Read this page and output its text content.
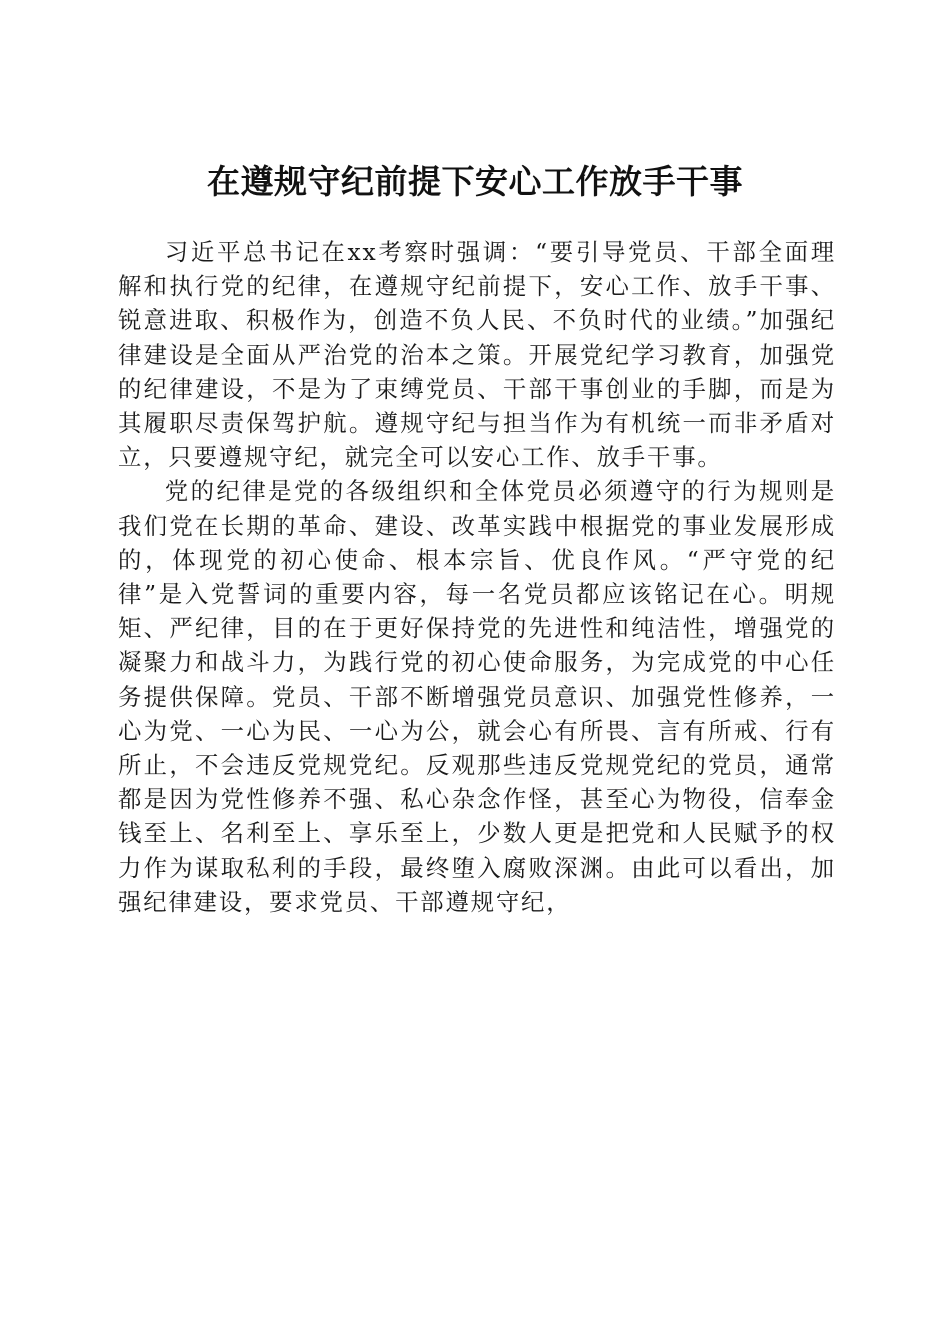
在遵规守纪前提下安心工作放手干事

习近平总书记在xx考察时强调：“要引导党员、干部全面理解和执行党的纪律，在遵规守纪前提下，安心工作、放手干事、锐意进取、积极作为，创造不负人民、不负时代的业绩。”加强纪律建设是全面从严治党的治本之策。开展党纪学习教育，加强党的纪律建设，不是为了束缚党员、干部干事创业的手脚，而是为其履职尽责保驾护航。遵规守纪与担当作为有机统一而非矛盾对立，只要遵规守纪，就完全可以安心工作、放手干事。

党的纪律是党的各级组织和全体党员必须遵守的行为规则是我们党在长期的革命、建设、改革实践中根据党的事业发展形成的，体现党的初心使命、根本宗旨、优良作风。“严守党的纪律”是入党誓词的重要内容，每一名党员都应该铭记在心。明规矩、严纪律，目的在于更好保持党的先进性和纯洁性，增强党的凝聚力和战斗力，为践行党的初心使命服务，为完成党的中心任务提供保障。党员、干部不断增强党员意识、加强党性修养，一心为党、一心为民、一心为公，就会心有所畏、言有所戒、行有所止，不会违反党规党纪。反观那些违反党规党纪的党员，通常都是因为党性修养不强、私心杂念作怪，甚至心为物役，信奉金钱至上、名利至上、享乐至上，少数人更是把党和人民赋予的权力作为谋取私利的手段，最终堕入腐败深渊。由此可以看出，加强纪律建设，要求党员、干部遵规守纪，
